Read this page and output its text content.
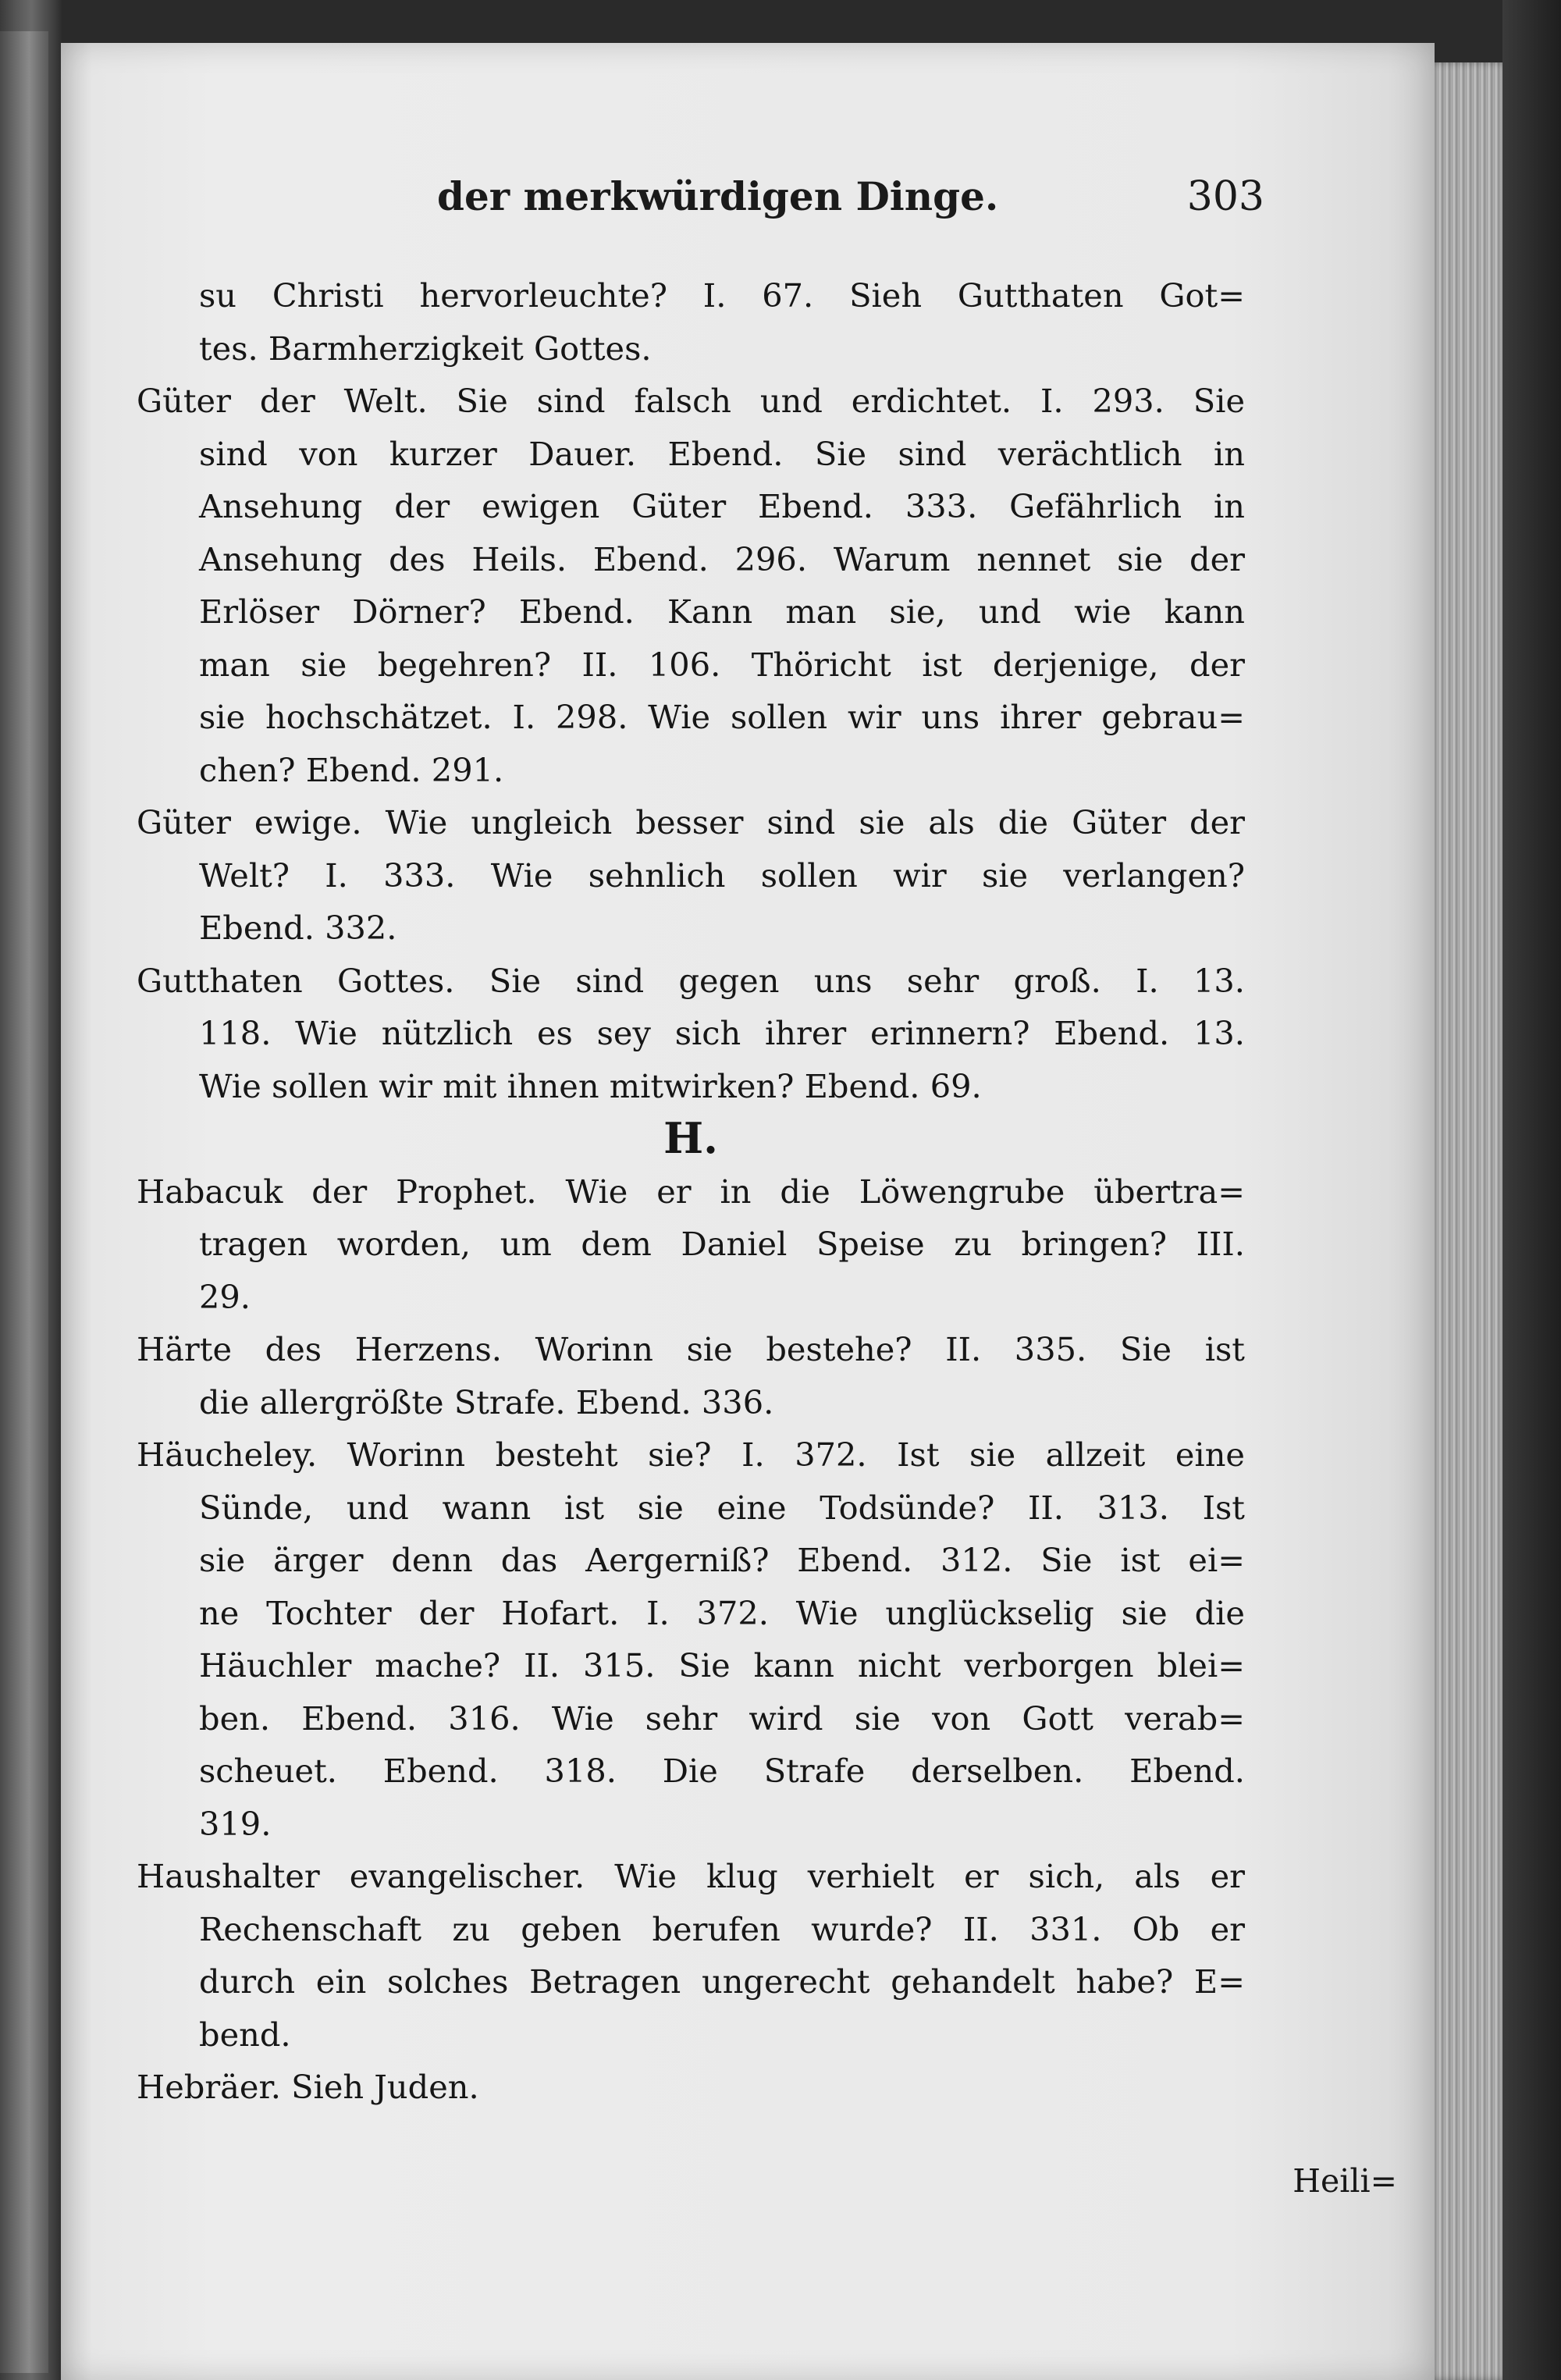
der merkwürdigen Dinge.	303
su Christi hervorleuchte? I. 67. Sieh Gutthaten Got=
tes. Barmherzigkeit Gottes.
Güter der Welt. Sie sind falsch und erdichtet. I. 293. Sie
sind von kurzer Dauer. Ebend. Sie sind verächtlich in
Ansehung der ewigen Güter Ebend. 333. Gefährlich in
Ansehung des Heils. Ebend. 296. Warum nennet sie der
Erlöser Dörner? Ebend. Kann man sie, und wie kann
man sie begehren? II. 106. Thöricht ist derjenige, der
sie hochschätzet. I. 298. Wie sollen wir uns ihrer gebrau=
chen? Ebend. 291.
Güter ewige. Wie ungleich besser sind sie als die Güter der
Welt? I. 333. Wie sehnlich sollen wir sie verlangen?
Ebend. 332.
Gutthaten Gottes. Sie sind gegen uns sehr groß. I. 13.
118. Wie nützlich es sey sich ihrer erinnern? Ebend. 13.
Wie sollen wir mit ihnen mitwirken? Ebend. 69.
H.
Habacuk der Prophet. Wie er in die Löwengrube übertra=
tragen worden, um dem Daniel Speise zu bringen? III.
29.
Härte des Herzens. Worinn sie bestehe? II. 335. Sie ist
die allergrößte Strafe. Ebend. 336.
Häucheley. Worinn besteht sie? I. 372. Ist sie allzeit eine
Sünde, und wann ist sie eine Todsünde? II. 313. Ist
sie ärger denn das Aergerniß? Ebend. 312. Sie ist ei=
ne Tochter der Hofart. I. 372. Wie unglückselig sie die
Häuchler mache? II. 315. Sie kann nicht verborgen blei=
ben. Ebend. 316. Wie sehr wird sie von Gott verab=
scheuet. Ebend. 318. Die Strafe derselben. Ebend.
319.
Haushalter evangelischer. Wie klug verhielt er sich, als er
Rechenschaft zu geben berufen wurde? II. 331. Ob er
durch ein solches Betragen ungerecht gehandelt habe? E=
bend.
Hebräer. Sieh Juden.
Heili=
